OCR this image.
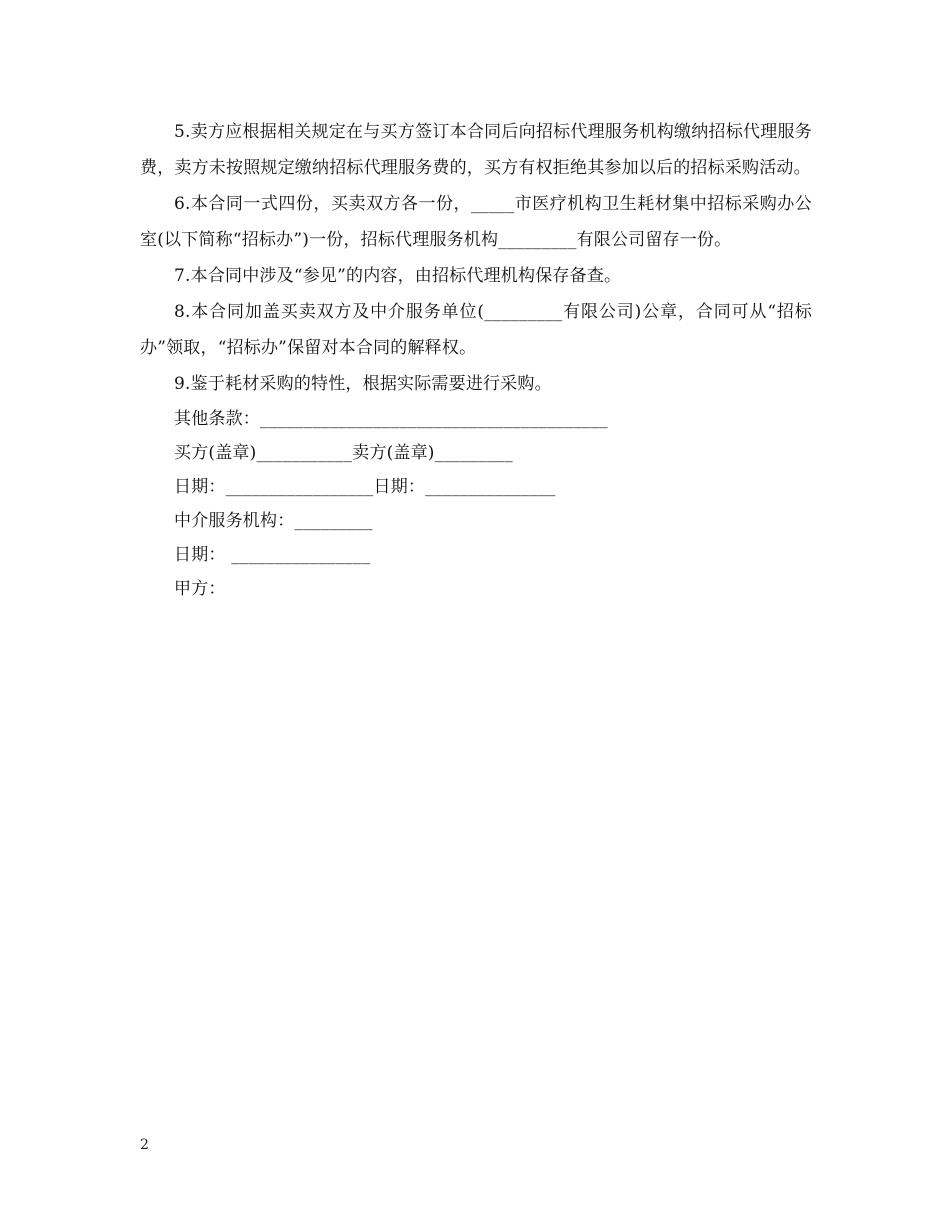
5.卖方应根据相关规定在与买方签订本合同后向招标代理服务机构缴纳招标代理服务费，卖方未按照规定缴纳招标代理服务费的，买方有权拒绝其参加以后的招标采购活动。

6.本合同一式四份，买卖双方各一份，_____市医疗机构卫生耗材集中招标采购办公室(以下简称“招标办”)一份，招标代理服务机构_________有限公司留存一份。

7.本合同中涉及“参见”的内容，由招标代理机构保存备查。

8.本合同加盖买卖双方及中介服务单位(_________有限公司)公章，合同可从“招标办”领取，“招标办”保留对本合同的解释权。

9.鉴于耗材采购的特性，根据实际需要进行采购。

其他条款：________________________________________

买方(盖章)___________卖方(盖章)_________

日期：_________________日期：_______________

中介服务机构：_________

日期： ________________

甲方：

2
